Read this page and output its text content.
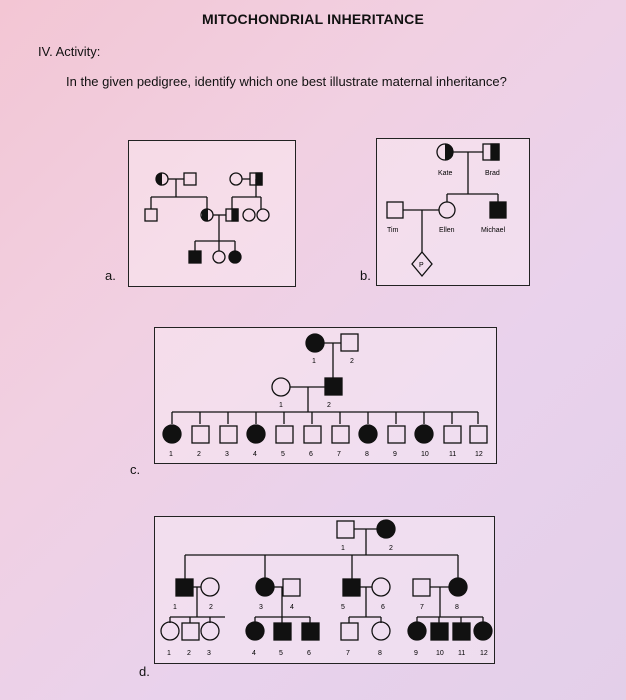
MITOCHONDRIAL INHERITANCE
IV. Activity:
In the given pedigree, identify which one best illustrate maternal inheritance?
a.
Kate	Brad
Tim	Ellen	Michael
P
b.
1	2	3	4	5	6	7	8	9	10	11	12
1	2
1	2
c.
1	2	3	4	5	6	7	8
1 2 3	4	5	6	7	8	9	10 11 12
1	2
d.
